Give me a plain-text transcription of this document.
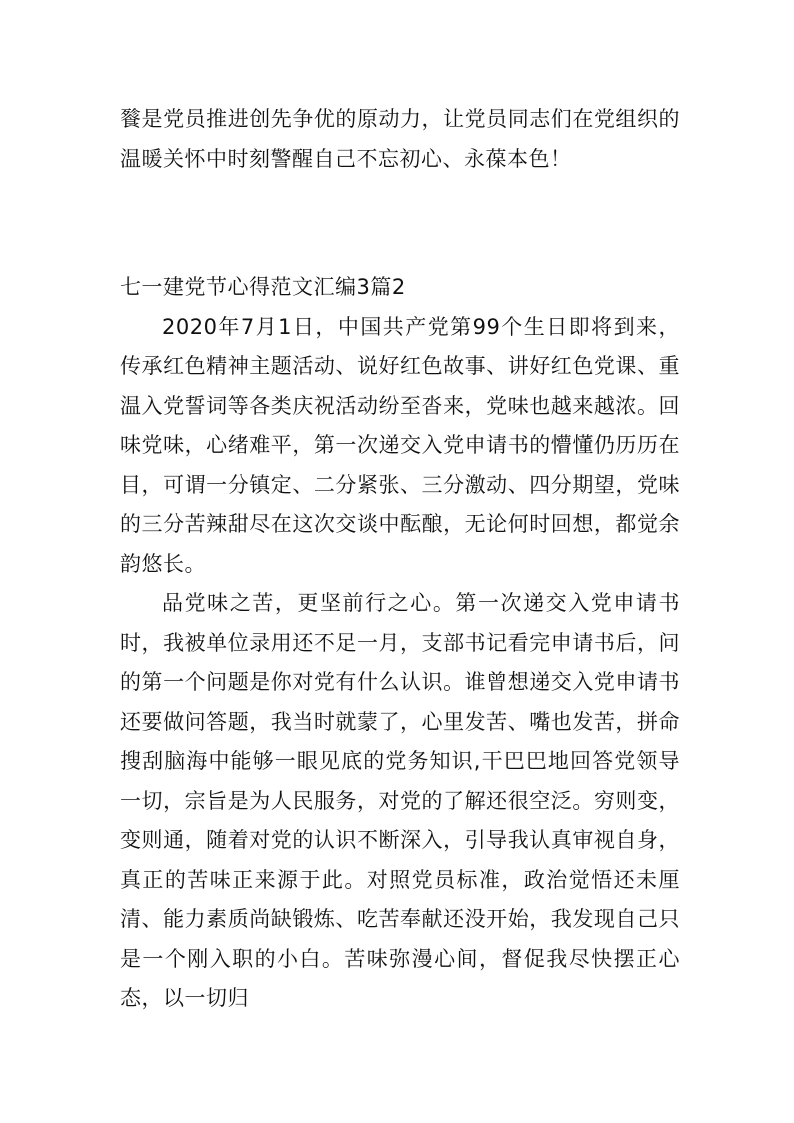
餮是党员推进创先争优的原动力，让党员同志们在党组织的温暖关怀中时刻警醒自己不忘初心、永葆本色！

七一建党节心得范文汇编3篇2

2020年7月1日，中国共产党第99个生日即将到来，传承红色精神主题活动、说好红色故事、讲好红色党课、重温入党誓词等各类庆祝活动纷至沓来，党味也越来越浓。回味党味，心绪难平，第一次递交入党申请书的懵懂仍历历在目，可谓一分镇定、二分紧张、三分激动、四分期望，党味的三分苦辣甜尽在这次交谈中酝酿，无论何时回想，都觉余韵悠长。

品党味之苦，更坚前行之心。第一次递交入党申请书时，我被单位录用还不足一月，支部书记看完申请书后，问的第一个问题是你对党有什么认识。谁曾想递交入党申请书还要做问答题，我当时就蒙了，心里发苦、嘴也发苦，拼命搜刮脑海中能够一眼见底的党务知识,干巴巴地回答党领导一切，宗旨是为人民服务，对党的了解还很空泛。穷则变，变则通，随着对党的认识不断深入，引导我认真审视自身，真正的苦味正来源于此。对照党员标准，政治觉悟还未厘清、能力素质尚缺锻炼、吃苦奉献还没开始，我发现自己只是一个刚入职的小白。苦味弥漫心间，督促我尽快摆正心态，以一切归
